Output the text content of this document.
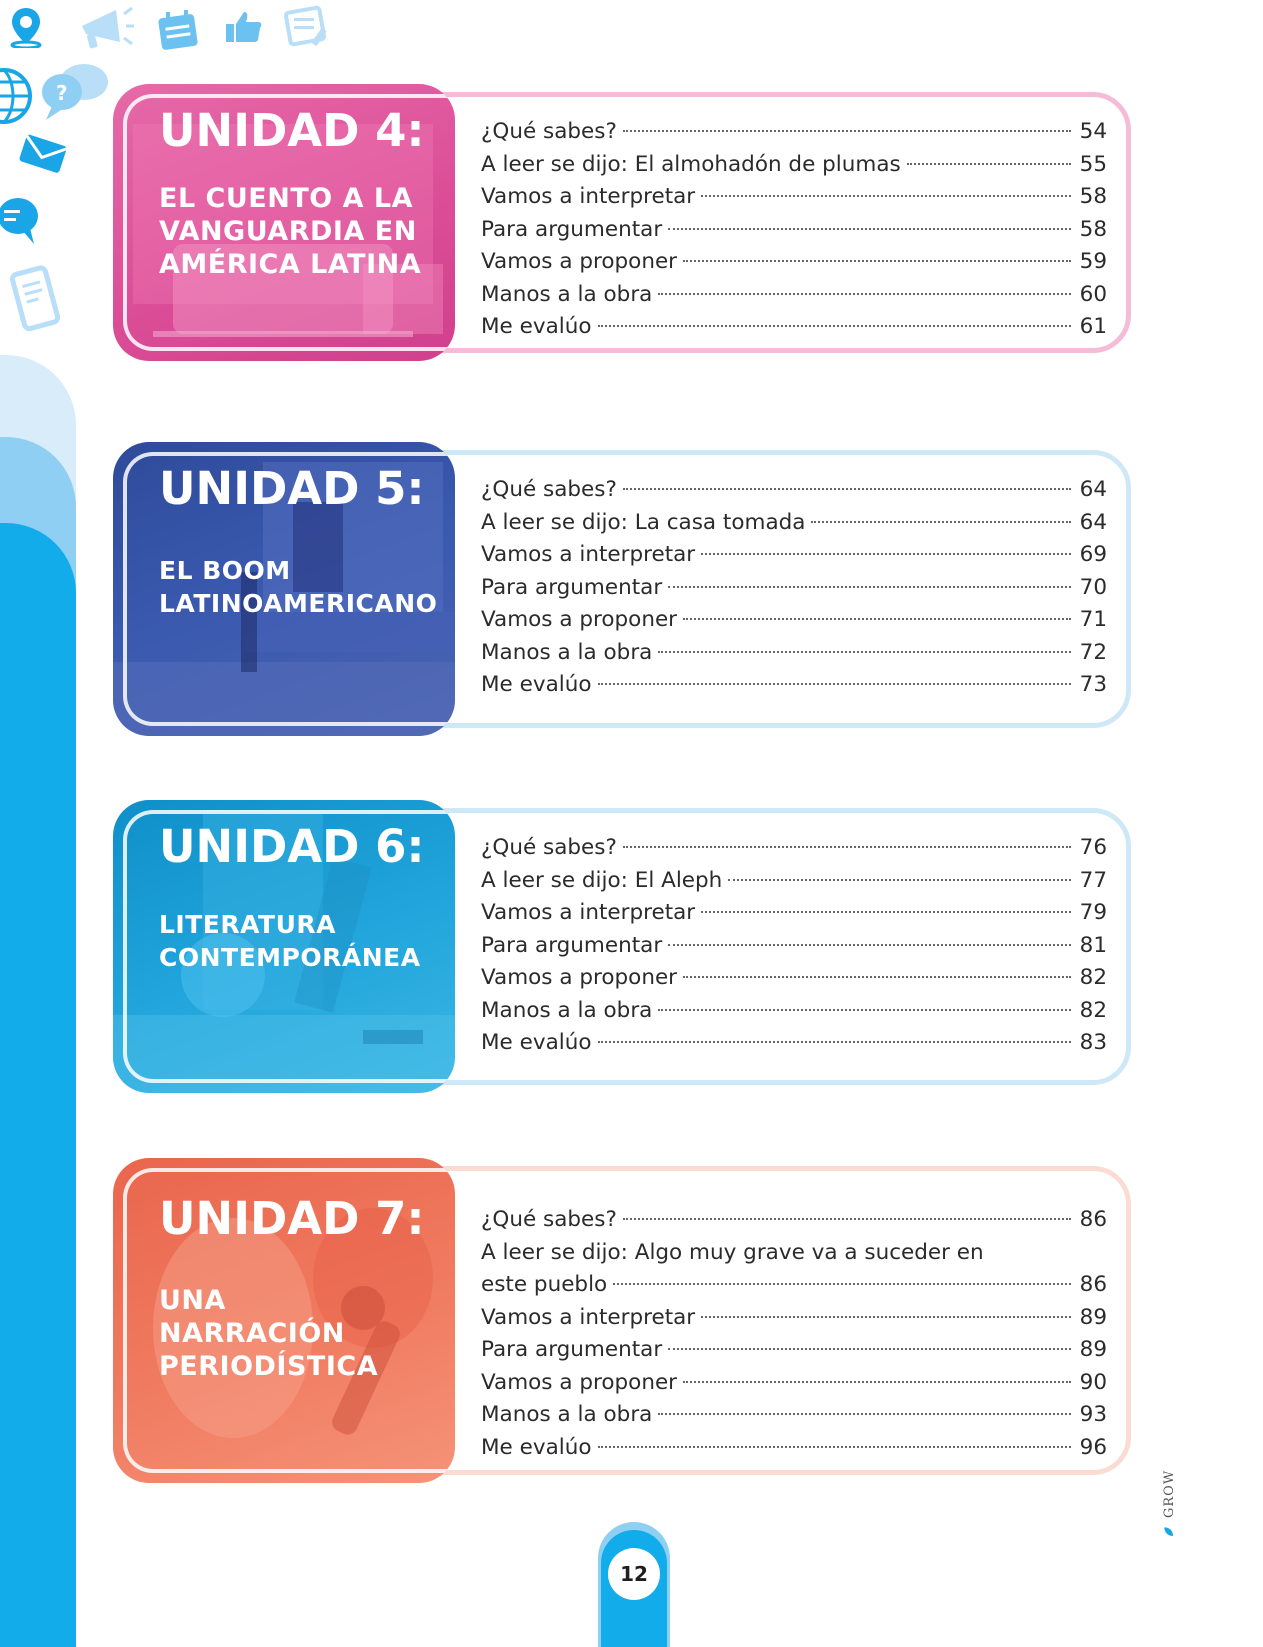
?
UNIDAD 4:
EL CUENTO A LA VANGUARDIA EN AMÉRICA LATINA
¿Qué sabes?	54
A leer se dijo: El almohadón de plumas	55
Vamos a interpretar	58
Para argumentar	58
Vamos a proponer	59
Manos a la obra	60
Me evalúo	61
UNIDAD 5:
EL BOOM LATINOAMERICANO
¿Qué sabes?	64
A leer se dijo: La casa tomada	64
Vamos a interpretar	69
Para argumentar	70
Vamos a proponer	71
Manos a la obra	72
Me evalúo	73
UNIDAD 6:
LITERATURA CONTEMPORÁNEA
¿Qué sabes?	76
A leer se dijo: El Aleph	77
Vamos a interpretar	79
Para argumentar	81
Vamos a proponer	82
Manos a la obra	82
Me evalúo	83
UNIDAD 7:
UNA NARRACIÓN PERIODÍSTICA
¿Qué sabes?	86
A leer se dijo: Algo muy grave va a suceder en
este pueblo	86
Vamos a interpretar	89
Para argumentar	89
Vamos a proponer	90
Manos a la obra	93
Me evalúo	96
12
GROW
